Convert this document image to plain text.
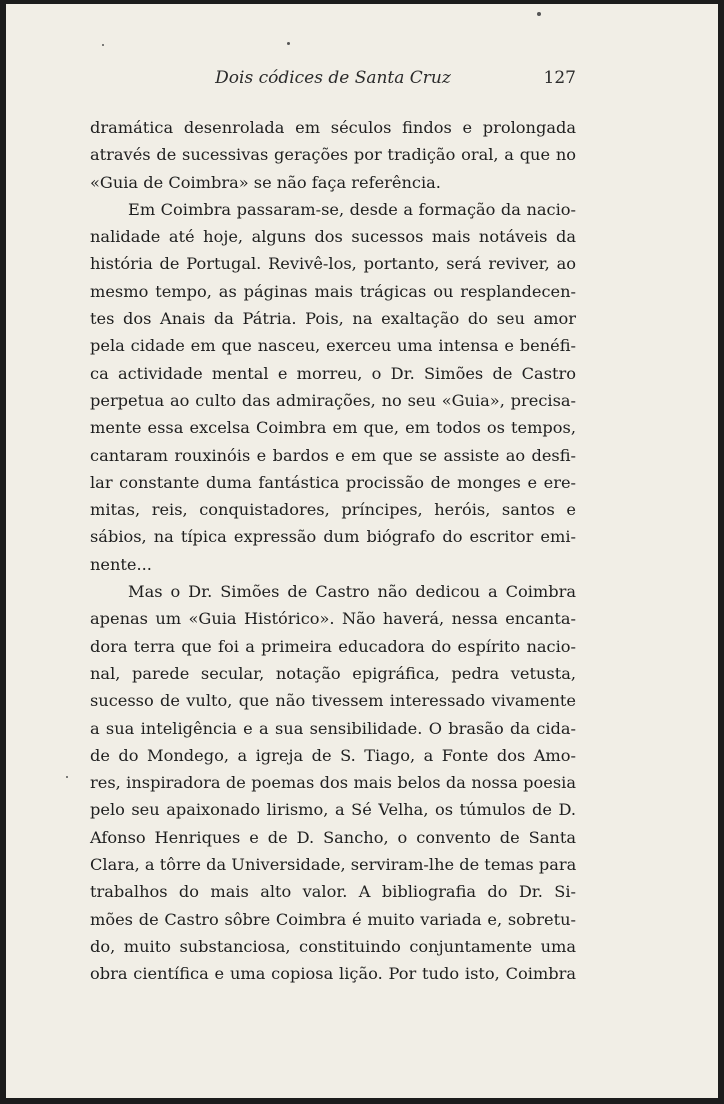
Dois códices de Santa Cruz	127

dramática desenrolada em séculos findos e prolongada
através de sucessivas gerações por tradição oral, a que no
«Guia de Coimbra» se não faça referência.

Em Coimbra passaram-se, desde a formação da nacio-
nalidade até hoje, alguns dos sucessos mais notáveis da
história de Portugal. Revivê-los, portanto, será reviver, ao
mesmo tempo, as páginas mais trágicas ou resplandecen-
tes dos Anais da Pátria. Pois, na exaltação do seu amor
pela cidade em que nasceu, exerceu uma intensa e benéfi-
ca actividade mental e morreu, o Dr. Simões de Castro
perpetua ao culto das admirações, no seu «Guia», precisa-
mente essa excelsa Coimbra em que, em todos os tempos,
cantaram rouxinóis e bardos e em que se assiste ao desfi-
lar constante duma fantástica procissão de monges e ere-
mitas, reis, conquistadores, príncipes, heróis, santos e
sábios, na típica expressão dum biógrafo do escritor emi-
nente...

Mas o Dr. Simões de Castro não dedicou a Coimbra
apenas um «Guia Histórico». Não haverá, nessa encanta-
dora terra que foi a primeira educadora do espírito nacio-
nal, parede secular, notação epigráfica, pedra vetusta,
sucesso de vulto, que não tivessem interessado vivamente
a sua inteligência e a sua sensibilidade. O brasão da cida-
de do Mondego, a igreja de S. Tiago, a Fonte dos Amo-
res, inspiradora de poemas dos mais belos da nossa poesia
pelo seu apaixonado lirismo, a Sé Velha, os túmulos de D.
Afonso Henriques e de D. Sancho, o convento de Santa
Clara, a tôrre da Universidade, serviram-lhe de temas para
trabalhos do mais alto valor. A bibliografia do Dr. Si-
mões de Castro sôbre Coimbra é muito variada e, sobretu-
do, muito substanciosa, constituindo conjuntamente uma
obra científica e uma copiosa lição. Por tudo isto, Coimbra
